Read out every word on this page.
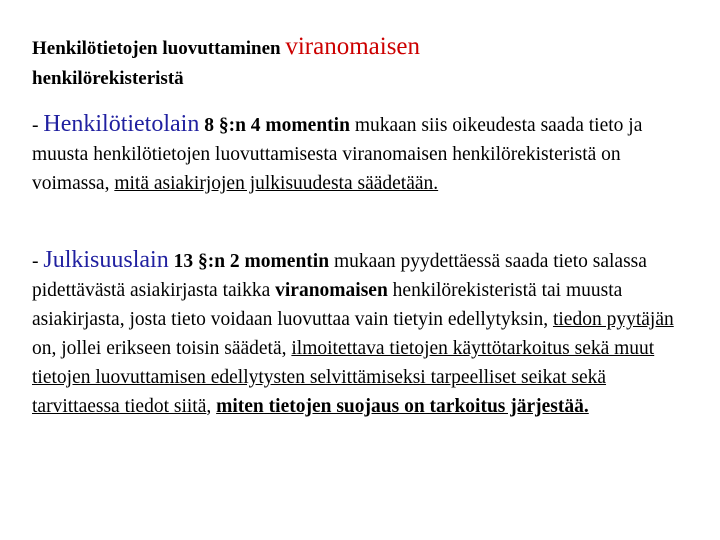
Henkilötietojen luovuttaminen viranomaisen
henkilörekisteristä
- Henkilötietolain 8 §:n 4 momentin mukaan siis oikeudesta saada tieto ja muusta henkilötietojen luovuttamisesta viranomaisen henkilörekisteristä on voimassa, mitä asiakirjojen julkisuudesta säädetään.
- Julkisuuslain 13 §:n 2 momentin mukaan pyydettäessä saada tieto salassa pidettävästä asiakirjasta taikka viranomaisen henkilörekisteristä tai muusta asiakirjasta, josta tieto voidaan luovuttaa vain tietyin edellytyksin, tiedon pyytäjän on, jollei erikseen toisin säädetä, ilmoitettava tietojen käyttötarkoitus sekä muut tietojen luovuttamisen edellytysten selvittämiseksi tarpeelliset seikat sekä tarvittaessa tiedot siitä, miten tietojen suojaus on tarkoitus järjestää.
